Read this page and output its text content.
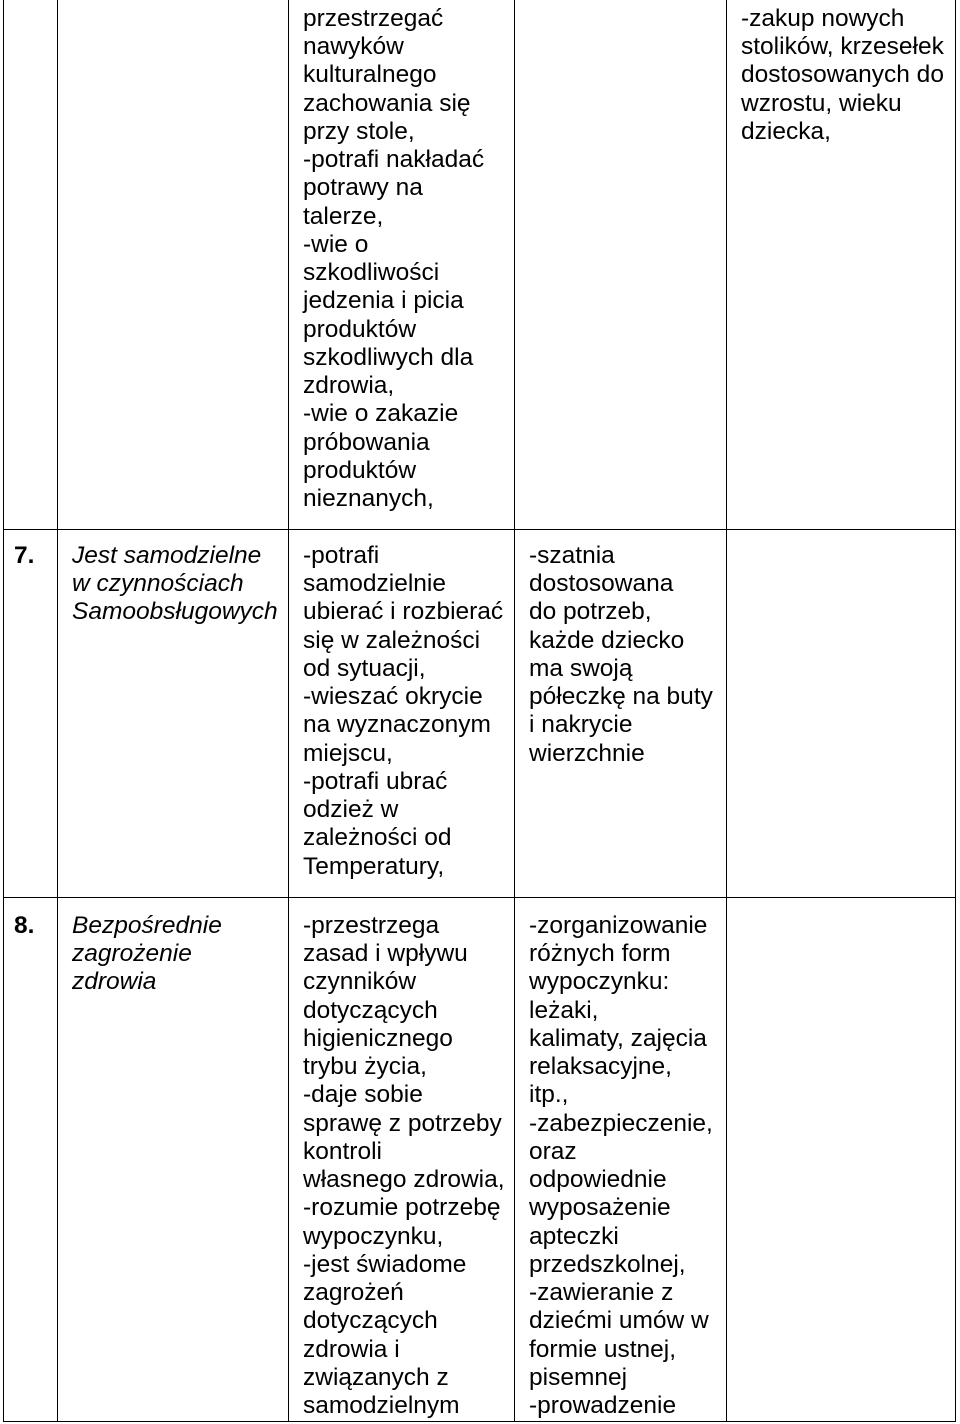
przestrzegać
nawyków
kulturalnego
zachowania się
przy stole,
-potrafi nakładać
potrawy na
talerze,
-wie o
szkodliwości
jedzenia i picia
produktów
szkodliwych dla
zdrowia,
-wie o zakazie
próbowania
produktów
nieznanych,
-zakup nowych
stolików, krzesełek
dostosowanych do
wzrostu, wieku
dziecka,
7.	Jest samodzielne
w czynnościach
Samoobsługowych
-potrafi
samodzielnie
ubierać i rozbierać
się w zależności
od sytuacji,
-wieszać okrycie
na wyznaczonym
miejscu,
-potrafi ubrać
odzież w
zależności od
Temperatury,
-szatnia
dostosowana
do potrzeb,
każde dziecko
ma swoją
półeczkę na buty
i nakrycie
wierzchnie
8.	Bezpośrednie
zagrożenie
zdrowia
-przestrzega
zasad i wpływu
czynników
dotyczących
higienicznego
trybu życia,
-daje sobie
sprawę z potrzeby
kontroli
własnego zdrowia,
-rozumie potrzebę
wypoczynku,
-jest świadome
zagrożeń
dotyczących
zdrowia i
związanych z
samodzielnym
-zorganizowanie
różnych form
wypoczynku:
leżaki,
kalimaty, zajęcia
relaksacyjne,
itp.,
-zabezpieczenie,
oraz
odpowiednie
wyposażenie
apteczki
przedszkolnej,
-zawieranie z
dziećmi umów w
formie ustnej,
pisemnej
-prowadzenie
